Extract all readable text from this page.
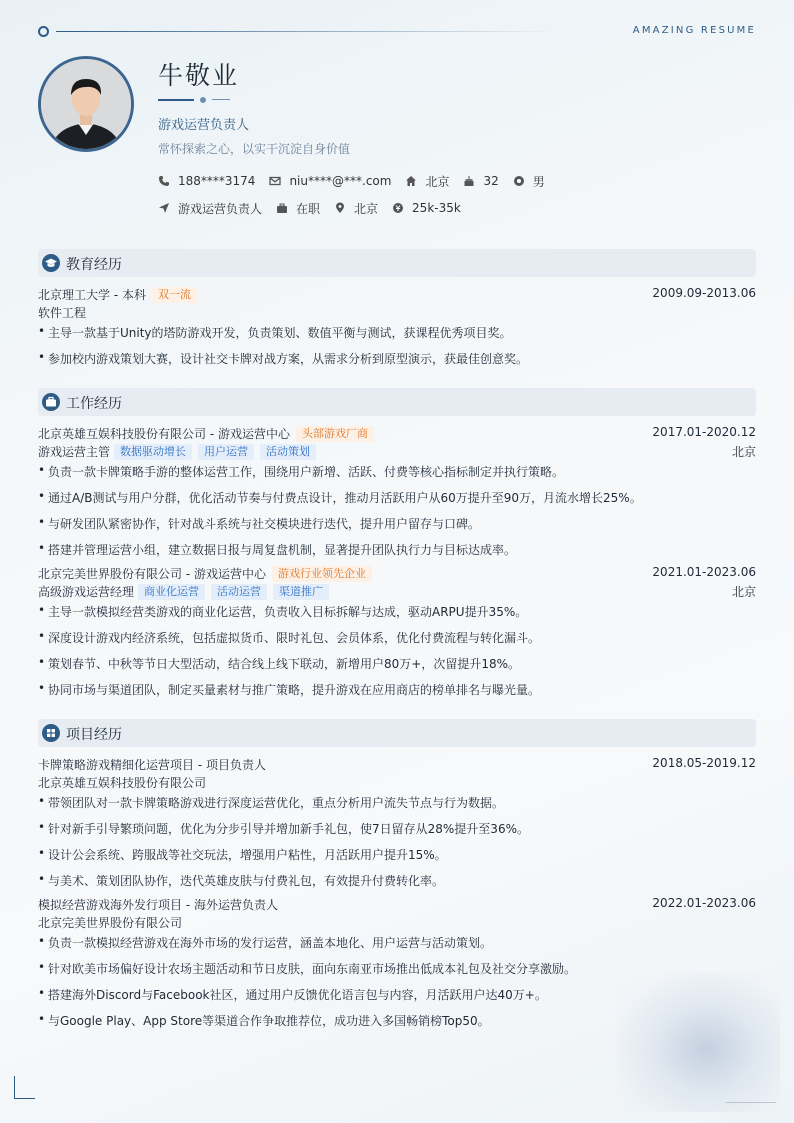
AMAZING RESUME
牛敬业
游戏运营负责人
常怀探索之心，以实干沉淀自身价值
188****3174	niu****@***.com	北京	32	男
游戏运营负责人	在职	北京	25k-35k
教育经历
北京理工大学 - 本科	双一流	2009.09-2013.06
软件工程
• 主导一款基于Unity的塔防游戏开发，负责策划、数值平衡与测试，获课程优秀项目奖。
• 参加校内游戏策划大赛，设计社交卡牌对战方案，从需求分析到原型演示，获最佳创意奖。
工作经历
北京英雄互娱科技股份有限公司 - 游戏运营中心	头部游戏厂商	2017.01-2020.12
游戏运营主管 数据驱动增长	用户运营	活动策划	北京
• 负责一款卡牌策略手游的整体运营工作，围绕用户新增、活跃、付费等核心指标制定并执行策略。
• 通过A/B测试与用户分群，优化活动节奏与付费点设计，推动月活跃用户从60万提升至90万，月流水增长25%。
• 与研发团队紧密协作，针对战斗系统与社交模块进行迭代，提升用户留存与口碑。
• 搭建并管理运营小组，建立数据日报与周复盘机制，显著提升团队执行力与目标达成率。
北京完美世界股份有限公司 - 游戏运营中心	游戏行业领先企业	2021.01-2023.06
高级游戏运营经理 商业化运营	活动运营	渠道推广	北京
• 主导一款模拟经营类游戏的商业化运营，负责收入目标拆解与达成，驱动ARPU提升35%。
• 深度设计游戏内经济系统，包括虚拟货币、限时礼包、会员体系，优化付费流程与转化漏斗。
• 策划春节、中秋等节日大型活动，结合线上线下联动，新增用户80万+，次留提升18%。
• 协同市场与渠道团队，制定买量素材与推广策略，提升游戏在应用商店的榜单排名与曝光量。
项目经历
卡牌策略游戏精细化运营项目 - 项目负责人	2018.05-2019.12
北京英雄互娱科技股份有限公司
• 带领团队对一款卡牌策略游戏进行深度运营优化，重点分析用户流失节点与行为数据。
• 针对新手引导繁琐问题，优化为分步引导并增加新手礼包，使7日留存从28%提升至36%。
• 设计公会系统、跨服战等社交玩法，增强用户粘性，月活跃用户提升15%。
• 与美术、策划团队协作，迭代英雄皮肤与付费礼包，有效提升付费转化率。
模拟经营游戏海外发行项目 - 海外运营负责人	2022.01-2023.06
北京完美世界股份有限公司
• 负责一款模拟经营游戏在海外市场的发行运营，涵盖本地化、用户运营与活动策划。
• 针对欧美市场偏好设计农场主题活动和节日皮肤，面向东南亚市场推出低成本礼包及社交分享激励。
• 搭建海外Discord与Facebook社区，通过用户反馈优化语言包与内容，月活跃用户达40万+。
• 与Google Play、App Store等渠道合作争取推荐位，成功进入多国畅销榜Top50。
